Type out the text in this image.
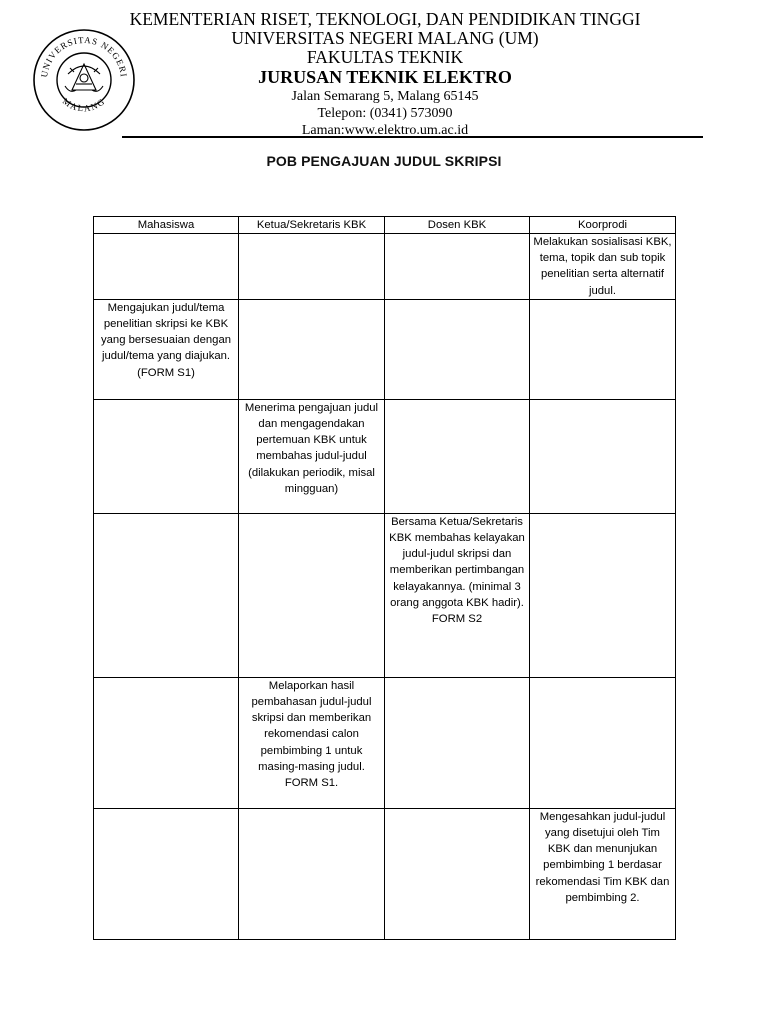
UNIVERSITAS NEGERI
MALANG
KEMENTERIAN RISET, TEKNOLOGI, DAN PENDIDIKAN TINGGI
UNIVERSITAS NEGERI MALANG (UM)
FAKULTAS TEKNIK
JURUSAN TEKNIK ELEKTRO
Jalan Semarang 5, Malang 65145
Telepon: (0341) 573090
Laman:www.elektro.um.ac.id
POB PENGAJUAN JUDUL SKRIPSI
Mahasiswa	Ketua/Sekretaris KBK	Dosen KBK	Koorprodi
			Melakukan sosialisasi KBK, tema, topik dan sub topik penelitian serta alternatif judul.
Mengajukan judul/tema penelitian skripsi ke KBK yang bersesuaian dengan judul/tema yang diajukan. (FORM S1)			
	Menerima pengajuan judul dan mengagendakan pertemuan KBK untuk membahas judul-judul (dilakukan periodik, misal mingguan)		
		Bersama Ketua/Sekretaris KBK membahas kelayakan judul-judul skripsi dan memberikan pertimbangan kelayakannya. (minimal 3 orang anggota KBK hadir). FORM S2	
	Melaporkan hasil pembahasan judul-judul skripsi dan memberikan rekomendasi calon pembimbing 1 untuk masing-masing judul. FORM S1.		
			Mengesahkan judul-judul yang disetujui oleh Tim KBK dan menunjukan pembimbing 1 berdasar rekomendasi Tim KBK dan pembimbing 2.
